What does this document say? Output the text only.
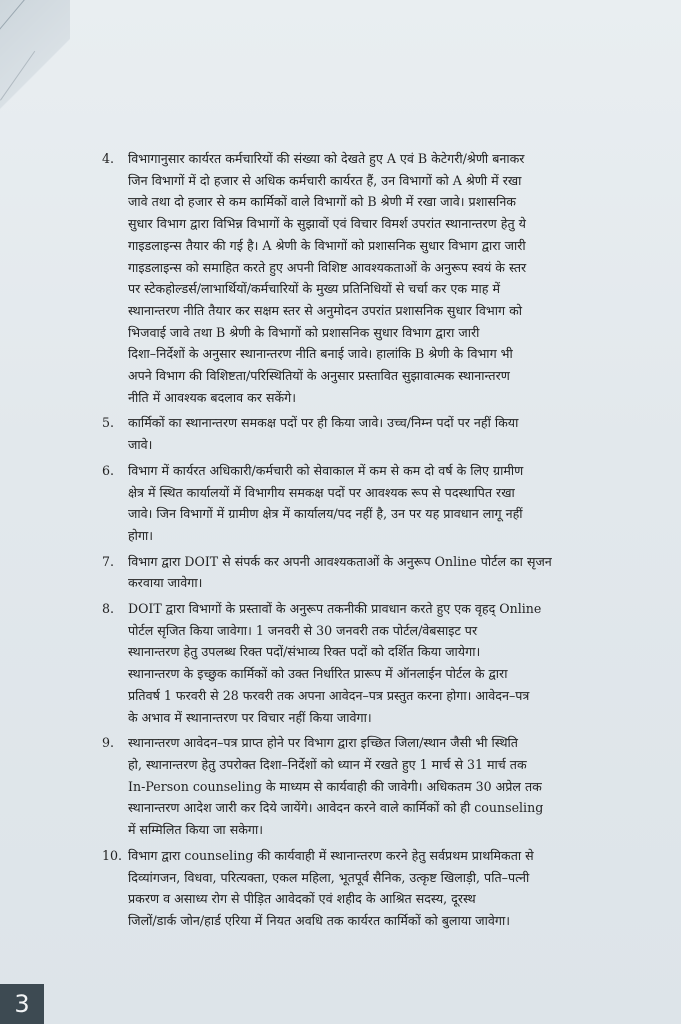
4.	विभागानुसार कार्यरत कर्मचारियों की संख्या को देखते हुए A एवं B केटेगरी/श्रेणी बनाकर
जिन विभागों में दो हजार से अधिक कर्मचारी कार्यरत हैं, उन विभागों को A श्रेणी में रखा
जावे तथा दो हजार से कम कार्मिकों वाले विभागों को B श्रेणी में रखा जावे। प्रशासनिक
सुधार विभाग द्वारा विभिन्न विभागों के सुझावों एवं विचार विमर्श उपरांत स्थानान्तरण हेतु ये
गाइडलाइन्स तैयार की गई है। A श्रेणी के विभागों को प्रशासनिक सुधार विभाग द्वारा जारी
गाइडलाइन्स को समाहित करते हुए अपनी विशिष्ट आवश्यकताओं के अनुरूप स्वयं के स्तर
पर स्टेकहोल्डर्स/लाभार्थियों/कर्मचारियों के मुख्य प्रतिनिधियों से चर्चा कर एक माह में
स्थानान्तरण नीति तैयार कर सक्षम स्तर से अनुमोदन उपरांत प्रशासनिक सुधार विभाग को
भिजवाई जावे तथा B श्रेणी के विभागों को प्रशासनिक सुधार विभाग द्वारा जारी
दिशा–निर्देशों के अनुसार स्थानान्तरण नीति बनाई जावे। हालांकि B श्रेणी के विभाग भी
अपने विभाग की विशिष्टता/परिस्थितियों के अनुसार प्रस्तावित सुझावात्मक स्थानान्तरण
नीति में आवश्यक बदलाव कर सकेंगे।
5.	कार्मिकों का स्थानान्तरण समकक्ष पदों पर ही किया जावे। उच्च/निम्न पदों पर नहीं किया
जावे।
6.	विभाग में कार्यरत अधिकारी/कर्मचारी को सेवाकाल में कम से कम दो वर्ष के लिए ग्रामीण
क्षेत्र में स्थित कार्यालयों में विभागीय समकक्ष पदों पर आवश्यक रूप से पदस्थापित रखा
जावे। जिन विभागों में ग्रामीण क्षेत्र में कार्यालय/पद नहीं है, उन पर यह प्रावधान लागू नहीं
होगा।
7.	विभाग द्वारा DOIT से संपर्क कर अपनी आवश्यकताओं के अनुरूप Online पोर्टल का सृजन
करवाया जावेगा।
8.	DOIT द्वारा विभागों के प्रस्तावों के अनुरूप तकनीकी प्रावधान करते हुए एक वृहद् Online
पोर्टल सृजित किया जावेगा। 1 जनवरी से 30 जनवरी तक पोर्टल/वेबसाइट पर
स्थानान्तरण हेतु उपलब्ध रिक्त पदों/संभाव्य रिक्त पदों को दर्शित किया जायेगा।
स्थानान्तरण के इच्छुक कार्मिकों को उक्त निर्धारित प्रारूप में ऑनलाईन पोर्टल के द्वारा
प्रतिवर्ष 1 फरवरी से 28 फरवरी तक अपना आवेदन–पत्र प्रस्तुत करना होगा। आवेदन–पत्र
के अभाव में स्थानान्तरण पर विचार नहीं किया जावेगा।
9.	स्थानान्तरण आवेदन–पत्र प्राप्त होने पर विभाग द्वारा इच्छित जिला/स्थान जैसी भी स्थिति
हो, स्थानान्तरण हेतु उपरोक्त दिशा–निर्देशों को ध्यान में रखते हुए 1 मार्च से 31 मार्च तक
In-Person counseling के माध्यम से कार्यवाही की जावेगी। अधिकतम 30 अप्रेल तक
स्थानान्तरण आदेश जारी कर दिये जायेंगे। आवेदन करने वाले कार्मिकों को ही counseling
में सम्मिलित किया जा सकेगा।
10. विभाग द्वारा counseling की कार्यवाही में स्थानान्तरण करने हेतु सर्वप्रथम प्राथमिकता से
दिव्यांगजन, विधवा, परित्यक्ता, एकल महिला, भूतपूर्व सैनिक, उत्कृष्ट खिलाड़ी, पति–पत्नी
प्रकरण व असाध्य रोग से पीड़ित आवेदकों एवं शहीद के आश्रित सदस्य, दूरस्थ
जिलों/डार्क जोन/हार्ड एरिया में नियत अवधि तक कार्यरत कार्मिकों को बुलाया जावेगा।
3
